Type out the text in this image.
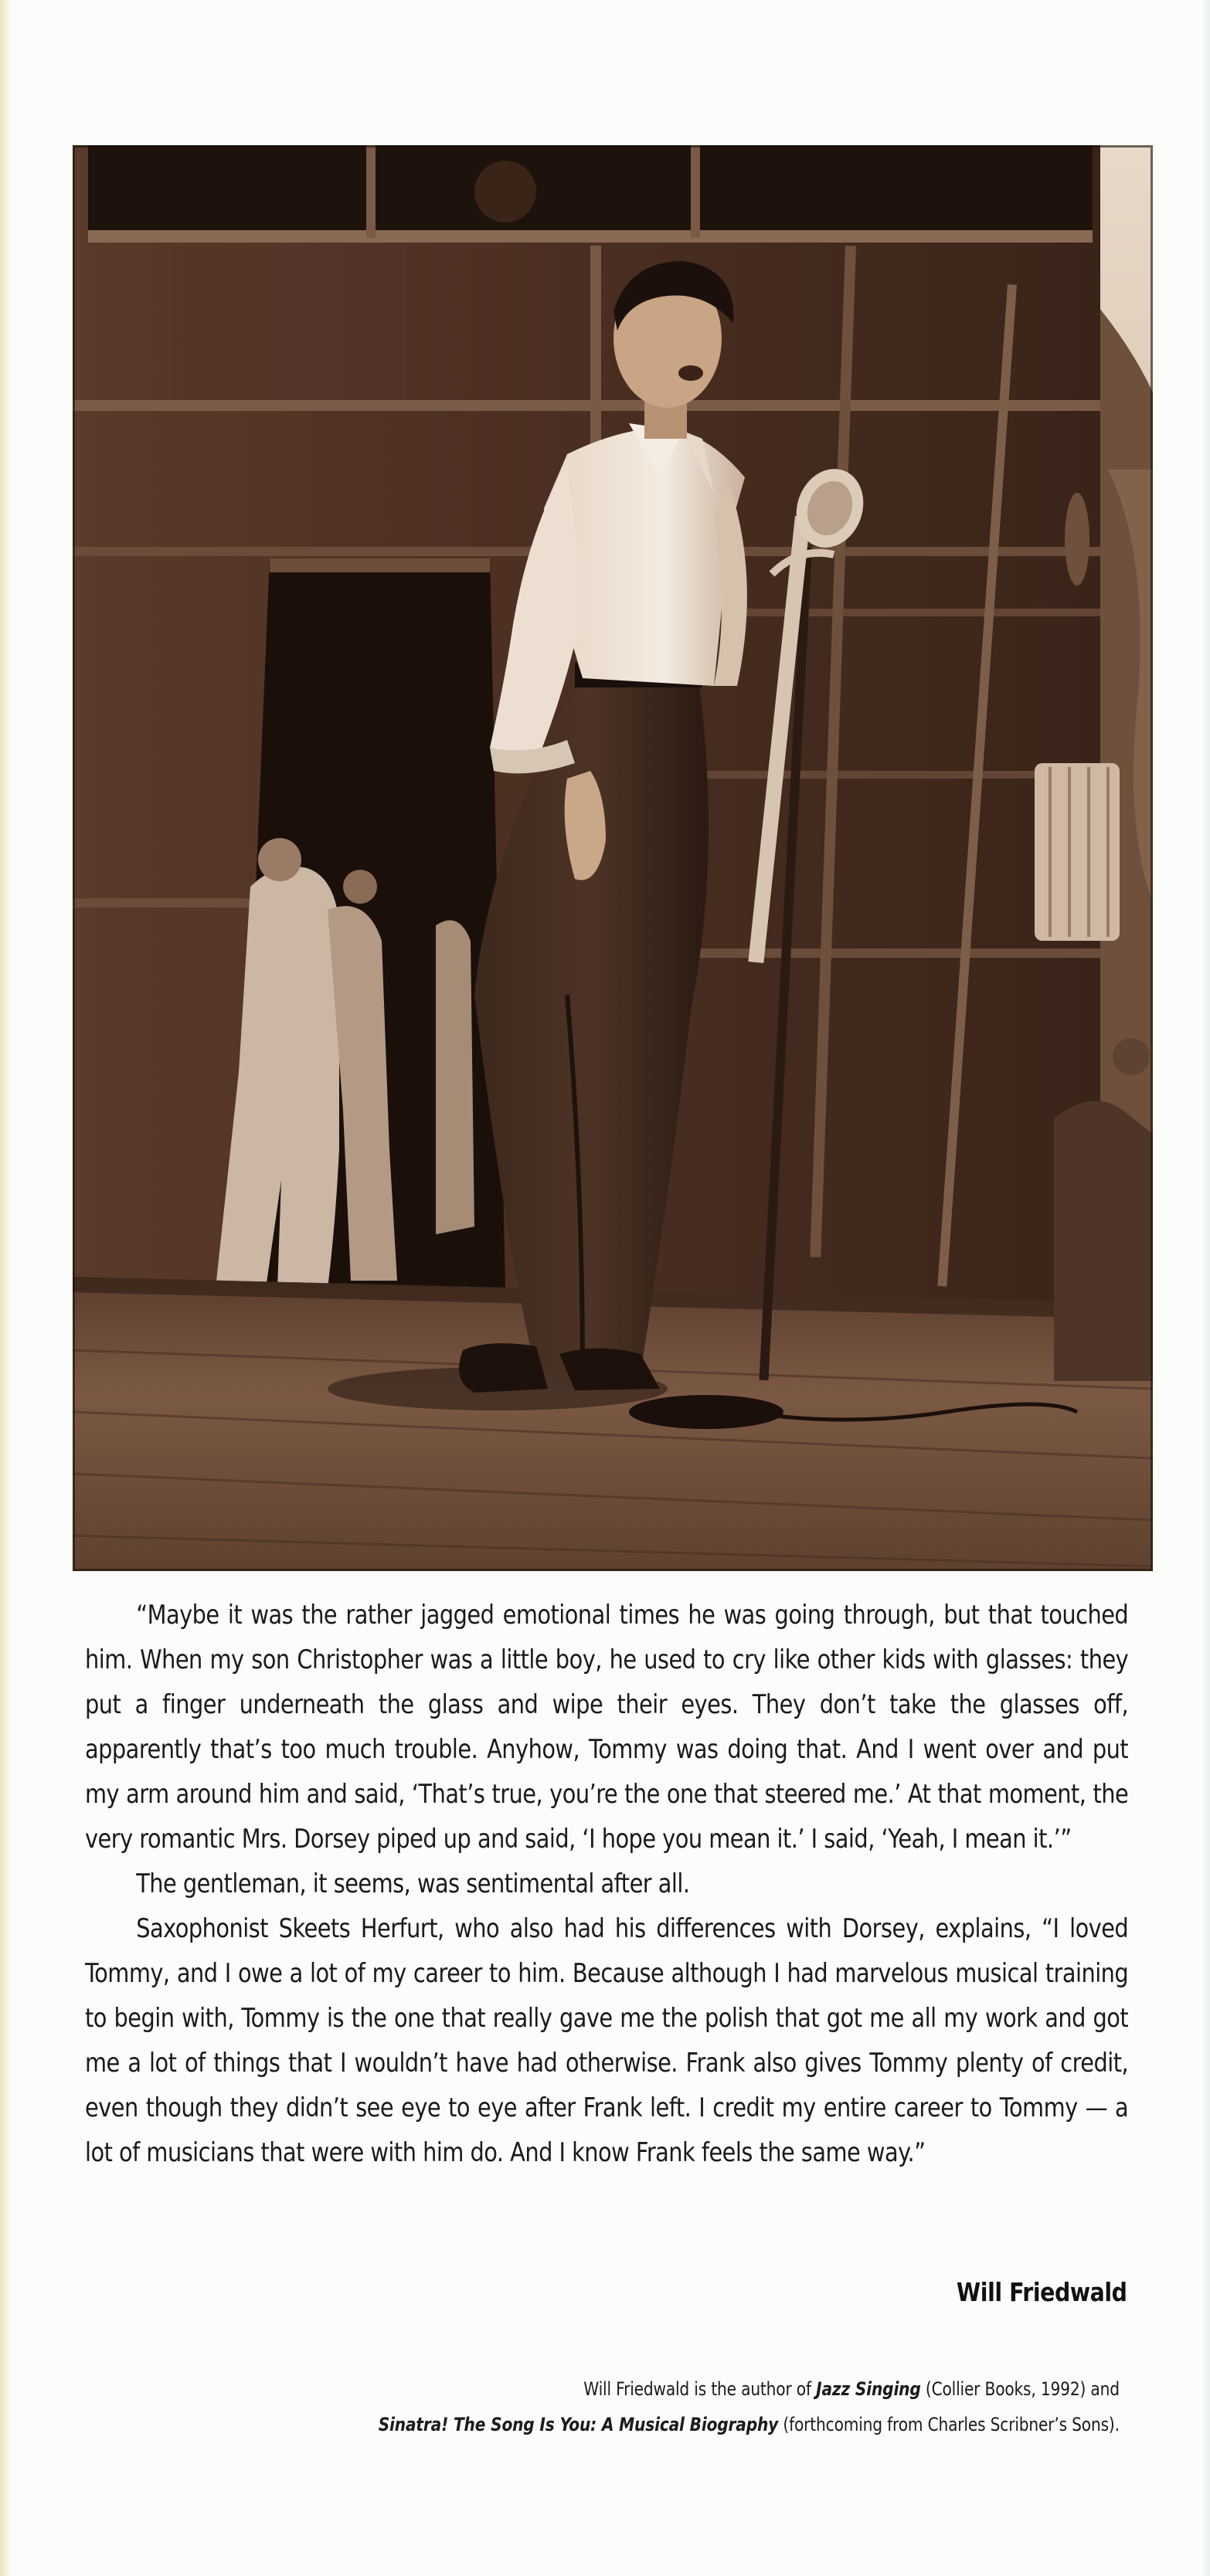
“Maybe it was the rather jagged emotional times he was going through, but that touched him. When my son Christopher was a little boy, he used to cry like other kids with glasses: they put a finger underneath the glass and wipe their eyes. They don’t take the glasses off, apparently that’s too much trouble. Anyhow, Tommy was doing that. And I went over and put my arm around him and said, ‘That’s true, you’re the one that steered me.’ At that moment, the very romantic Mrs. Dorsey piped up and said, ‘I hope you mean it.’ I said, ‘Yeah, I mean it.’”

The gentleman, it seems, was sentimental after all.

Saxophonist Skeets Herfurt, who also had his differences with Dorsey, explains, “I loved Tommy, and I owe a lot of my career to him. Because although I had marvelous musical training to begin with, Tommy is the one that really gave me the polish that got me all my work and got me a lot of things that I wouldn’t have had otherwise. Frank also gives Tommy plenty of credit, even though they didn’t see eye to eye after Frank left. I credit my entire career to Tommy — a lot of musicians that were with him do. And I know Frank feels the same way.”

Will Friedwald
Will Friedwald is the author of Jazz Singing (Collier Books, 1992) and
Sinatra! The Song Is You: A Musical Biography (forthcoming from Charles Scribner’s Sons).
